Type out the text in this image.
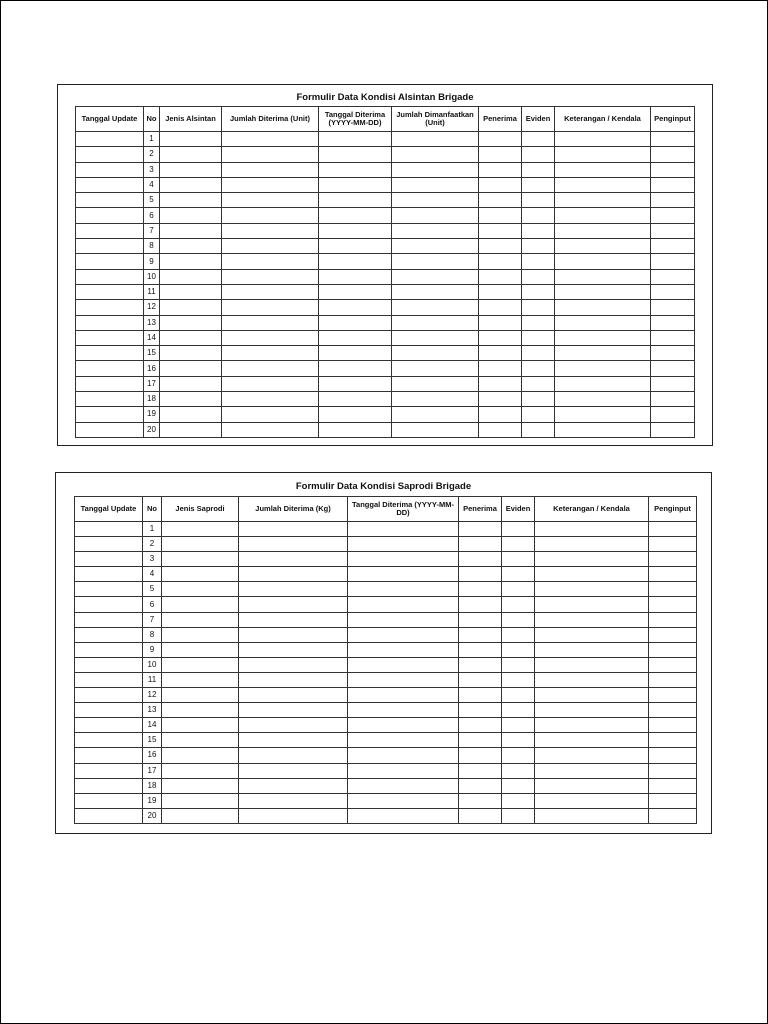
Formulir Data Kondisi Alsintan Brigade
Tanggal Update	No	Jenis Alsintan	Jumlah Diterima (Unit)	Tanggal Diterima (YYYY-MM-DD)	Jumlah Dimanfaatkan (Unit)	Penerima	Eviden	Keterangan / Kendala	Penginput
	1								
	2								
	3								
	4								
	5								
	6								
	7								
	8								
	9								
	10								
	11								
	12								
	13								
	14								
	15								
	16								
	17								
	18								
	19								
	20								
Formulir Data Kondisi Saprodi Brigade
Tanggal Update	No	Jenis Saprodi	Jumlah Diterima (Kg)	Tanggal Diterima (YYYY-MM-DD)	Penerima	Eviden	Keterangan / Kendala	Penginput
	1							
	2							
	3							
	4							
	5							
	6							
	7							
	8							
	9							
	10							
	11							
	12							
	13							
	14							
	15							
	16							
	17							
	18							
	19							
	20							
